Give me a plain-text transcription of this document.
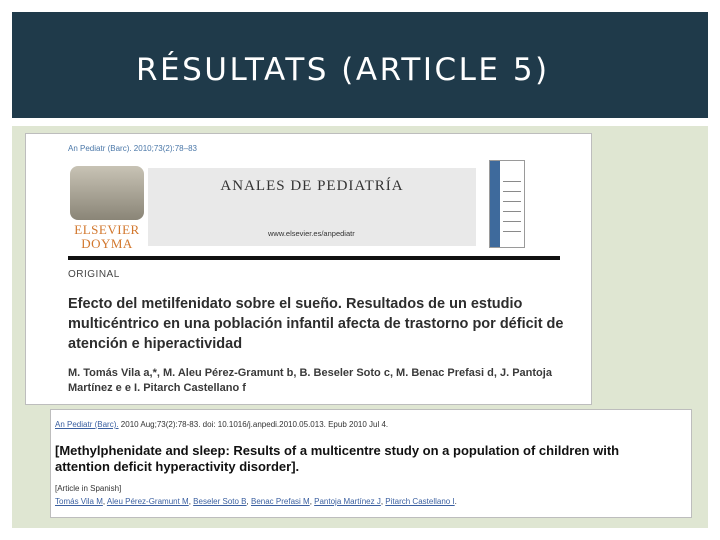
RÉSULTATS (ARTICLE 5)
An Pediatr (Barc). 2010;73(2):78–83
ELSEVIER
DOYMA
ANALES DE PEDIATRÍA
www.elsevier.es/anpediatr
ORIGINAL
Efecto del metilfenidato sobre el sueño. Resultados de un estudio multicéntrico en una población infantil afecta de trastorno por déficit de atención e hiperactividad
M. Tomás Vila a,*, M. Aleu Pérez-Gramunt b, B. Beseler Soto c, M. Benac Prefasi d, J. Pantoja Martínez e e I. Pitarch Castellano f
An Pediatr (Barc). 2010 Aug;73(2):78-83. doi: 10.1016/j.anpedi.2010.05.013. Epub 2010 Jul 4.
[Methylphenidate and sleep: Results of a multicentre study on a population of children with attention deficit hyperactivity disorder].
[Article in Spanish]
Tomás Vila M, Aleu Pérez-Gramunt M, Beseler Soto B, Benac Prefasi M, Pantoja Martínez J, Pitarch Castellano I.
